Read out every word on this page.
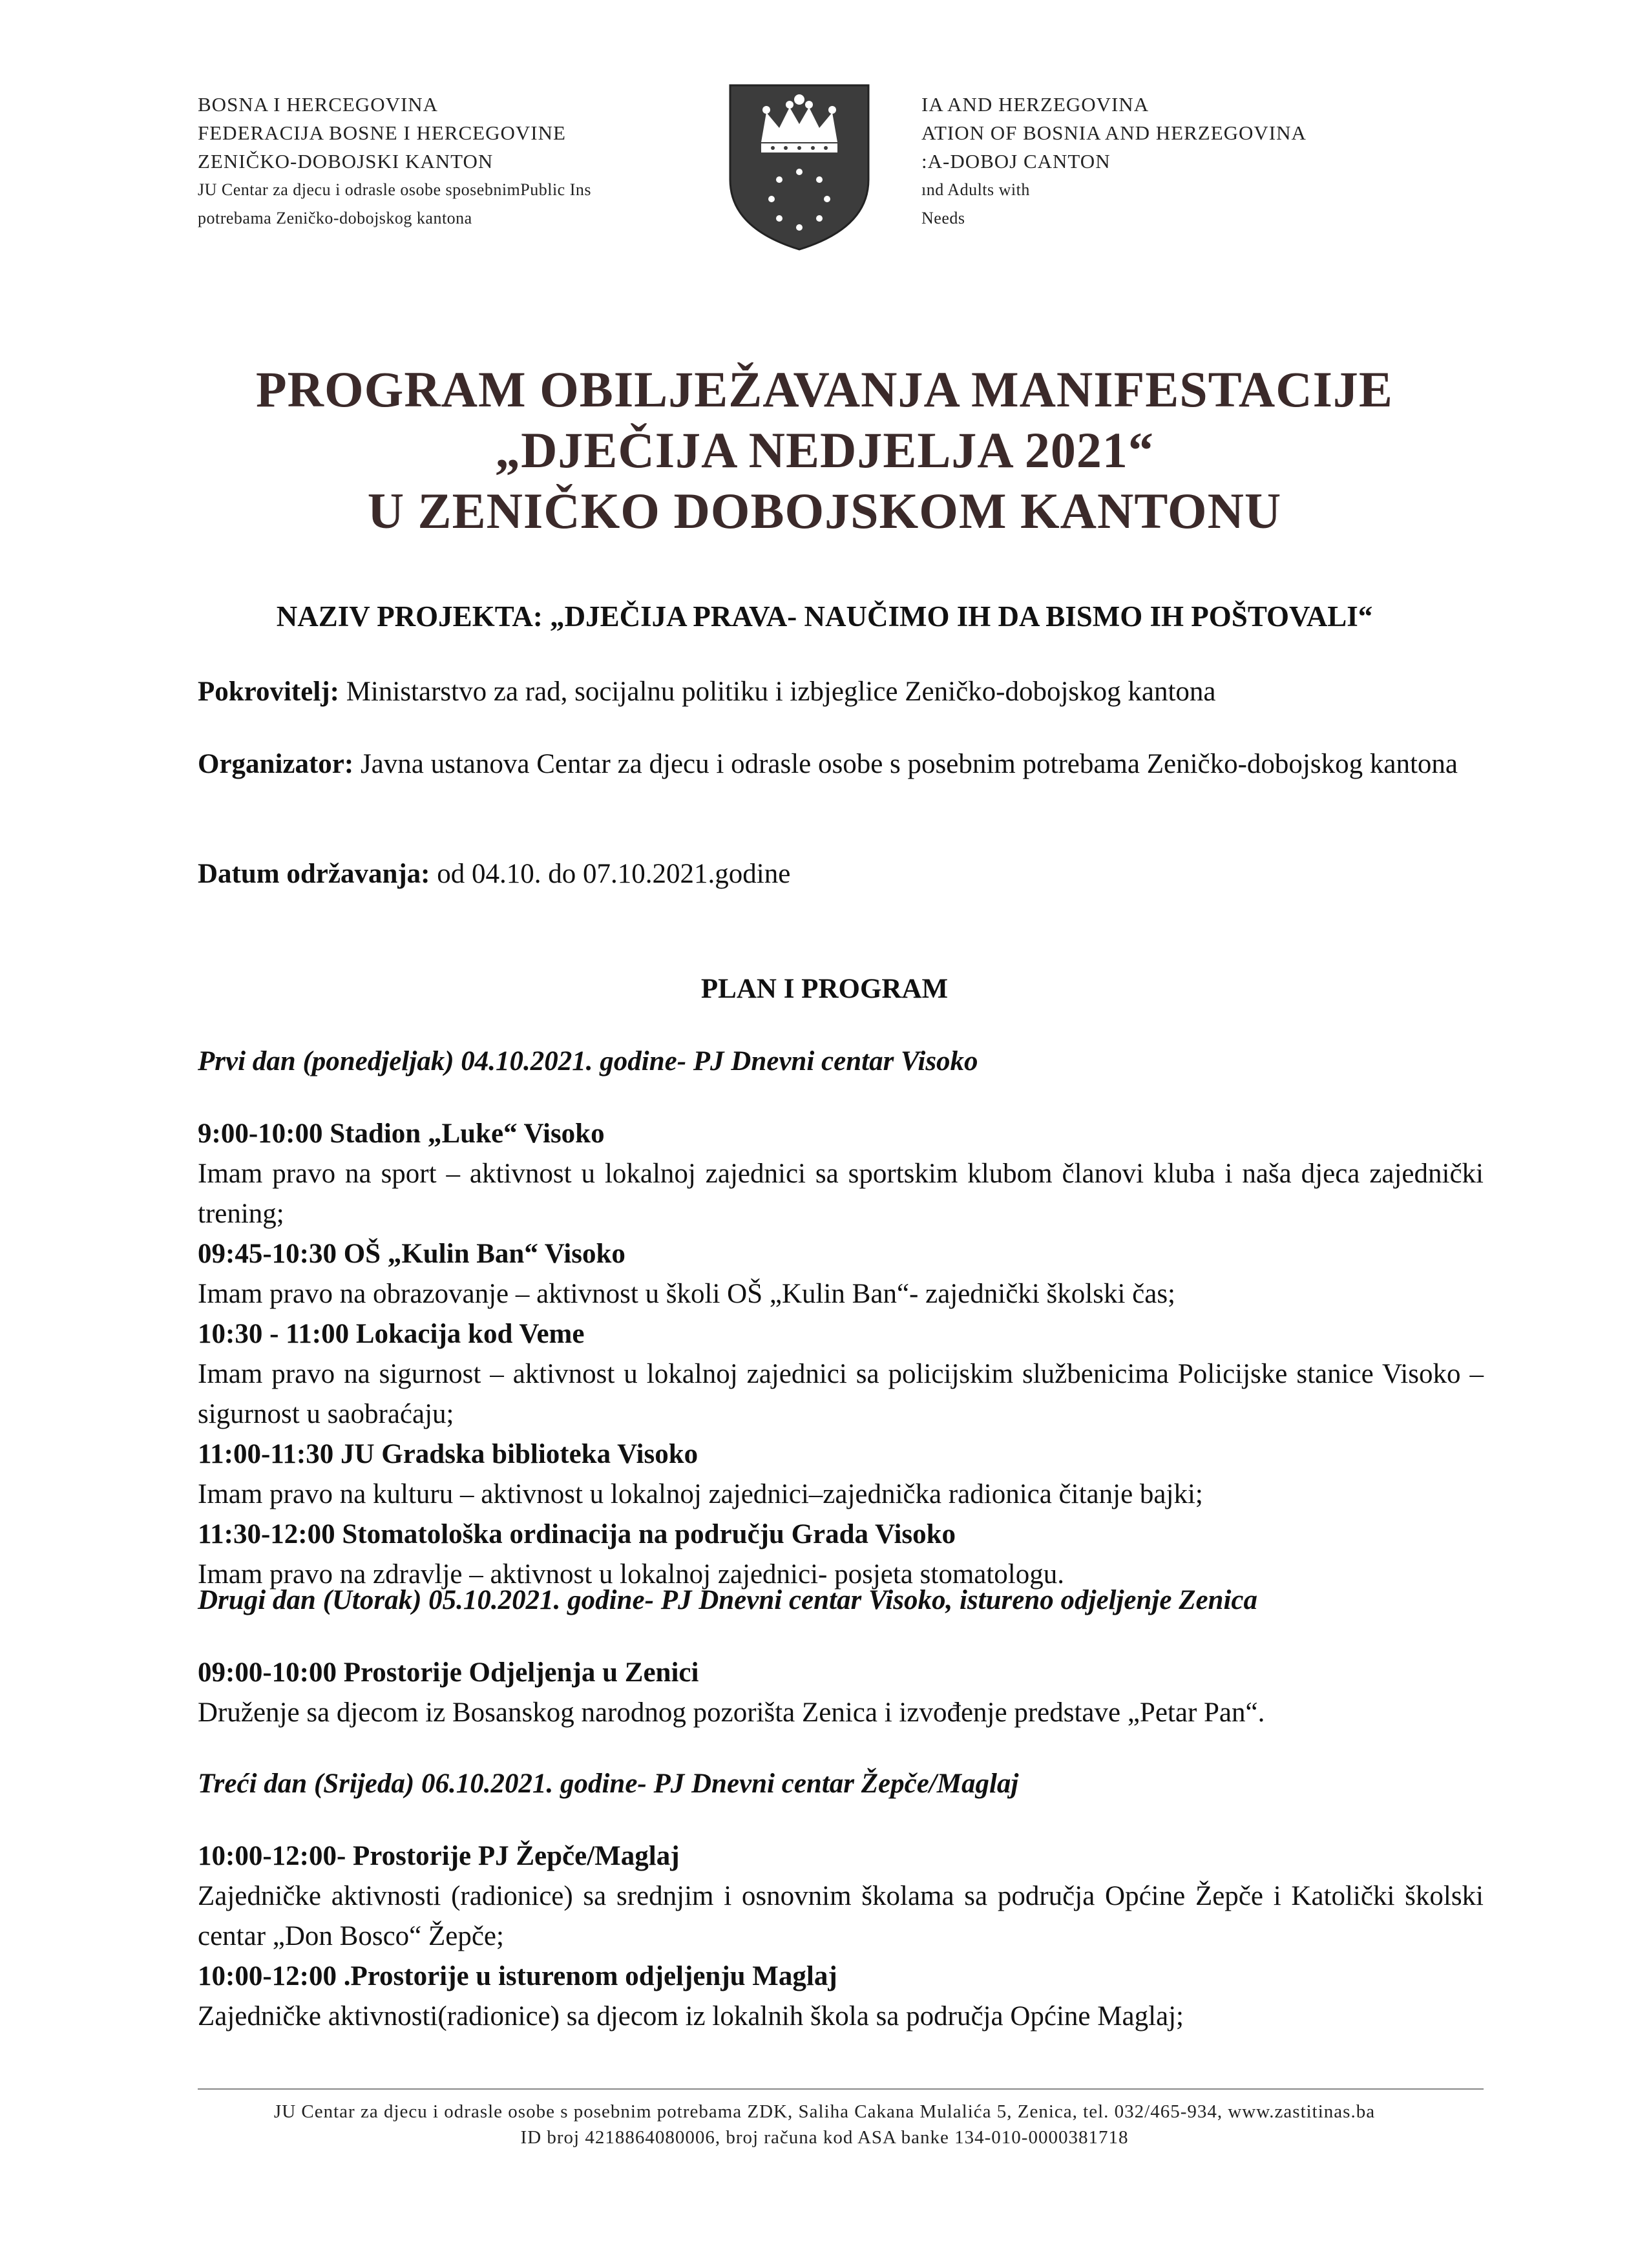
BOSNA I HERCEGOVINA
FEDERACIJA BOSNE I HERCEGOVINE
ZENIČKO-DOBOJSKI KANTON
JU Centar za djecu i odrasle osobe sposebnimPublic Ins
potrebama Zeničko-dobojskog kantona
IA AND HERZEGOVINA
ATION OF BOSNIA AND HERZEGOVINA
:A-DOBOJ CANTON
ınd Adults with
Needs
PROGRAM OBILJEŽAVANJA MANIFESTACIJE
„DJEČIJA NEDJELJA 2021“
U ZENIČKO DOBOJSKOM KANTONU
NAZIV PROJEKTA: „DJEČIJA PRAVA- NAUČIMO IH DA BISMO IH POŠTOVALI“
Pokrovitelj: Ministarstvo za rad, socijalnu politiku i izbjeglice Zeničko-dobojskog kantona
Organizator: Javna ustanova Centar za djecu i odrasle osobe s posebnim potrebama Zeničko-dobojskog kantona
Datum održavanja: od 04.10. do 07.10.2021.godine
PLAN I PROGRAM
Prvi dan (ponedjeljak) 04.10.2021. godine- PJ Dnevni centar Visoko
9:00-10:00 Stadion „Luke“ Visoko
Imam pravo na sport – aktivnost u lokalnoj zajednici sa sportskim klubom članovi kluba i naša djeca zajednički trening;
09:45-10:30 OŠ „Kulin Ban“ Visoko
Imam pravo na obrazovanje – aktivnost u školi OŠ „Kulin Ban“- zajednički školski čas;
10:30 - 11:00 Lokacija kod Veme
Imam pravo na sigurnost – aktivnost u lokalnoj zajednici sa policijskim službenicima Policijske stanice Visoko – sigurnost u saobraćaju;
11:00-11:30 JU Gradska biblioteka Visoko
Imam pravo na kulturu – aktivnost u lokalnoj zajednici–zajednička radionica čitanje bajki;
11:30-12:00 Stomatološka ordinacija na području Grada Visoko
Imam pravo na zdravlje – aktivnost u lokalnoj zajednici- posjeta stomatologu.
Drugi dan (Utorak) 05.10.2021. godine- PJ Dnevni centar Visoko, istureno odjeljenje Zenica
09:00-10:00 Prostorije Odjeljenja u Zenici
Druženje sa djecom iz Bosanskog narodnog pozorišta Zenica i izvođenje predstave „Petar Pan“.
Treći dan (Srijeda) 06.10.2021. godine- PJ Dnevni centar Žepče/Maglaj
10:00-12:00- Prostorije PJ Žepče/Maglaj
Zajedničke aktivnosti (radionice) sa srednjim i osnovnim školama sa područja Općine Žepče i Katolički školski centar „Don Bosco“ Žepče;
10:00-12:00 .Prostorije u isturenom odjeljenju Maglaj
Zajedničke aktivnosti(radionice) sa djecom iz lokalnih škola sa područja Općine Maglaj;
JU Centar za djecu i odrasle osobe s posebnim potrebama ZDK, Saliha Cakana Mulalića 5, Zenica, tel. 032/465-934, www.zastitinas.ba
ID broj 4218864080006, broj računa kod ASA banke 134-010-0000381718
